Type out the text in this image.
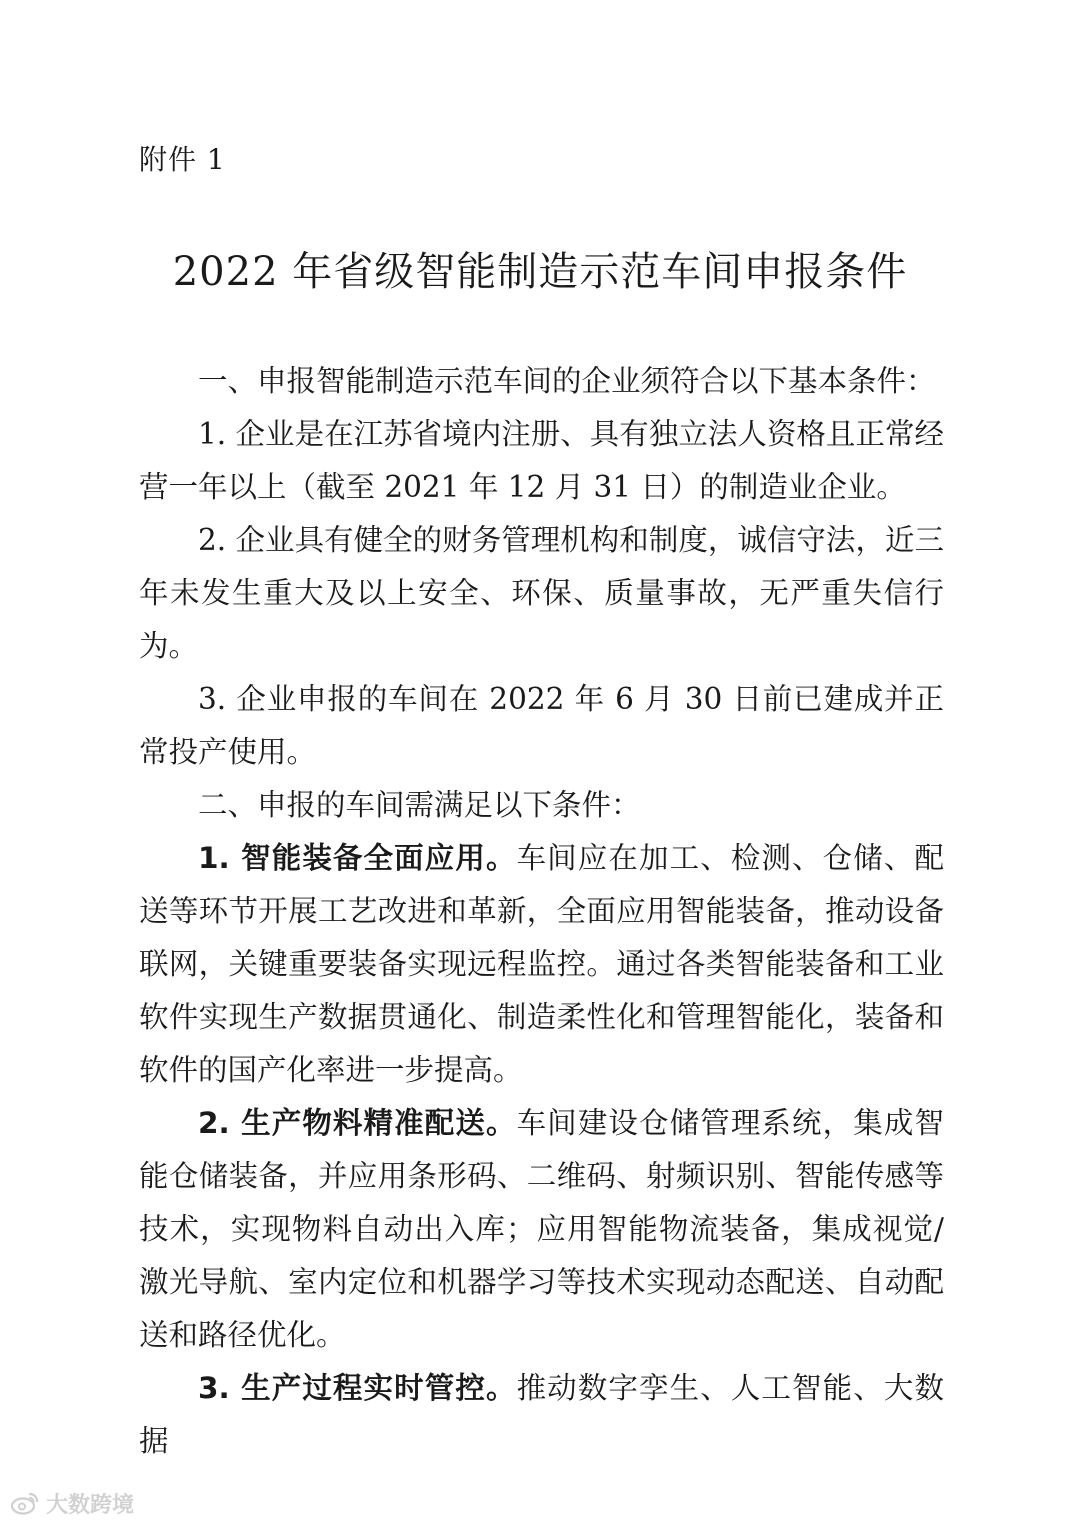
附件 1
2022 年省级智能制造示范车间申报条件

一、申报智能制造示范车间的企业须符合以下基本条件：

1. 企业是在江苏省境内注册、具有独立法人资格且正常经营一年以上（截至 2021 年 12 月 31 日）的制造业企业。

2. 企业具有健全的财务管理机构和制度，诚信守法，近三年未发生重大及以上安全、环保、质量事故，无严重失信行为。

3. 企业申报的车间在 2022 年 6 月 30 日前已建成并正常投产使用。

二、申报的车间需满足以下条件：

1. 智能装备全面应用。车间应在加工、检测、仓储、配送等环节开展工艺改进和革新，全面应用智能装备，推动设备联网，关键重要装备实现远程监控。通过各类智能装备和工业软件实现生产数据贯通化、制造柔性化和管理智能化，装备和软件的国产化率进一步提高。

2. 生产物料精准配送。车间建设仓储管理系统，集成智能仓储装备，并应用条形码、二维码、射频识别、智能传感等技术，实现物料自动出入库；应用智能物流装备，集成视觉/激光导航、室内定位和机器学习等技术实现动态配送、自动配送和路径优化。

3. 生产过程实时管控。推动数字孪生、人工智能、大数据

大数跨境
